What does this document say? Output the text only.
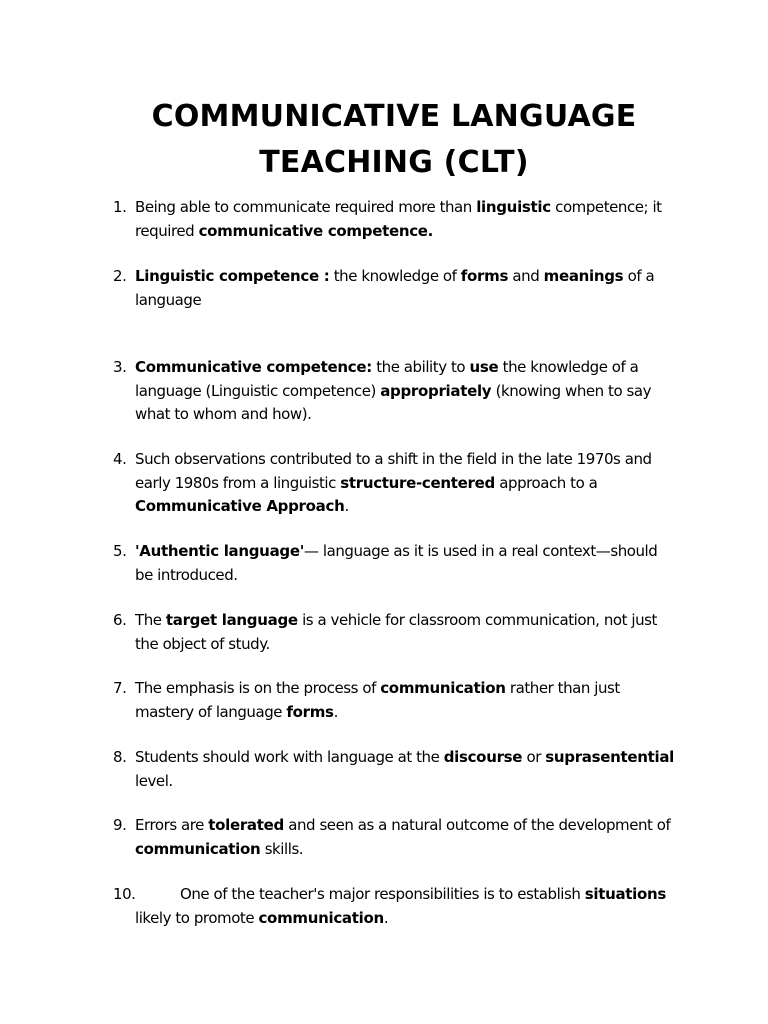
COMMUNICATIVE LANGUAGE
TEACHING (CLT)
1. Being able to communicate required more than linguistic competence; it required communicative competence.
2. Linguistic competence : the knowledge of forms and meanings of a language
3. Communicative competence: the ability to use the knowledge of a language (Linguistic competence) appropriately (knowing when to say what to whom and how).
4. Such observations contributed to a shift in the field in the late 1970s and early 1980s from a linguistic structure-centered approach to a Communicative Approach.
5. 'Authentic language'— language as it is used in a real context—should be introduced.
6. The target language is a vehicle for classroom communication, not just the object of study.
7. The emphasis is on the process of communication rather than just mastery of language forms.
8. Students should work with language at the discourse or suprasentential level.
9. Errors are tolerated and seen as a natural outcome of the development of communication skills.
10.	One of the teacher's major responsibilities is to establish situations likely to promote communication.
